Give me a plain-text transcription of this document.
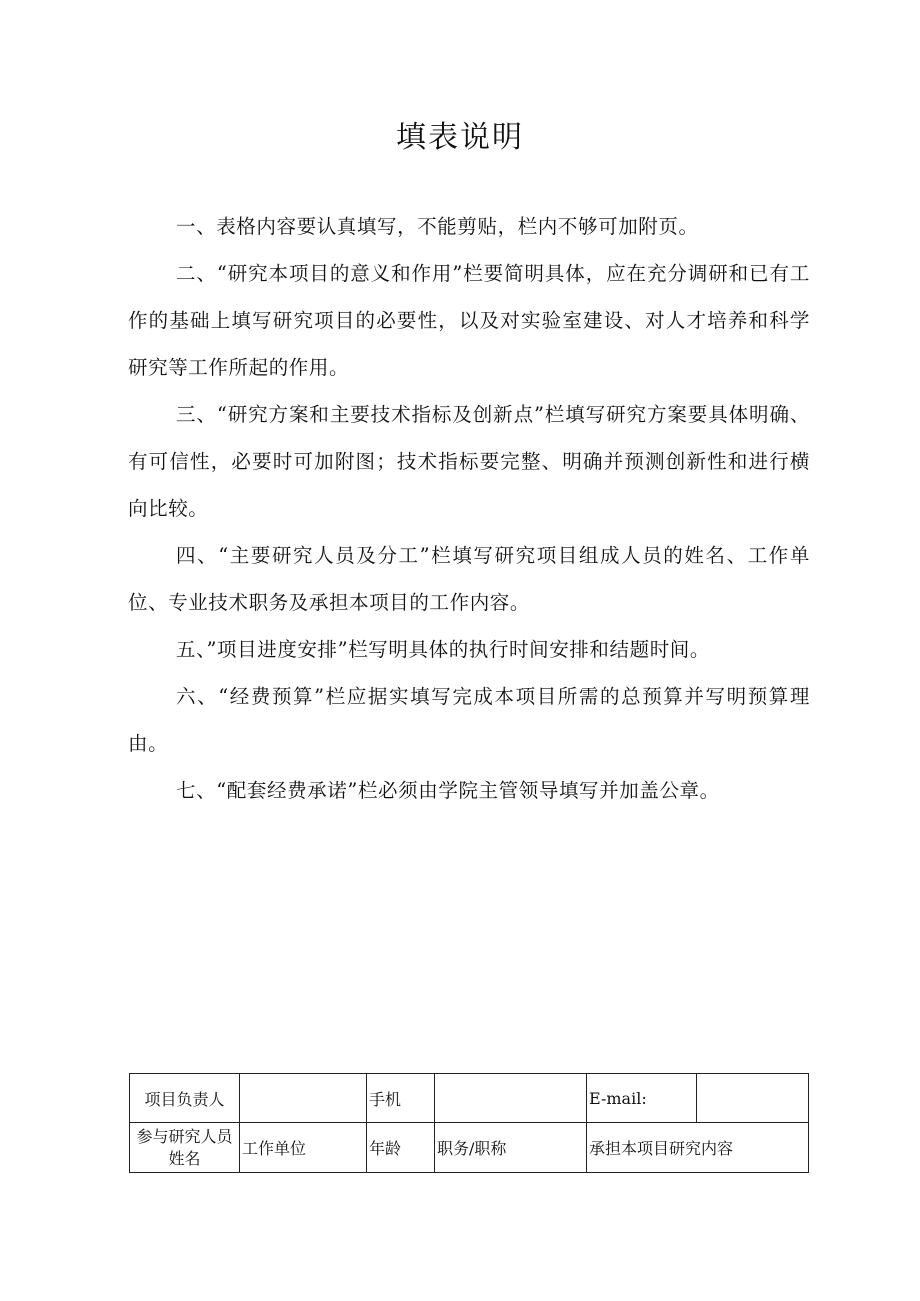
填表说明

一、表格内容要认真填写，不能剪贴，栏内不够可加附页。

二、“研究本项目的意义和作用”栏要简明具体，应在充分调研和已有工作的基础上填写研究项目的必要性，以及对实验室建设、对人才培养和科学研究等工作所起的作用。

三、“研究方案和主要技术指标及创新点”栏填写研究方案要具体明确、有可信性，必要时可加附图；技术指标要完整、明确并预测创新性和进行横向比较。

四、“主要研究人员及分工”栏填写研究项目组成人员的姓名、工作单位、专业技术职务及承担本项目的工作内容。

五、”项目进度安排”栏写明具体的执行时间安排和结题时间。

六、“经费预算”栏应据实填写完成本项目所需的总预算并写明预算理由。

七、“配套经费承诺”栏必须由学院主管领导填写并加盖公章。

项目负责人		手机		E-mail:	
参与研究人员姓名	工作单位	年龄	职务/职称	承担本项目研究内容	
